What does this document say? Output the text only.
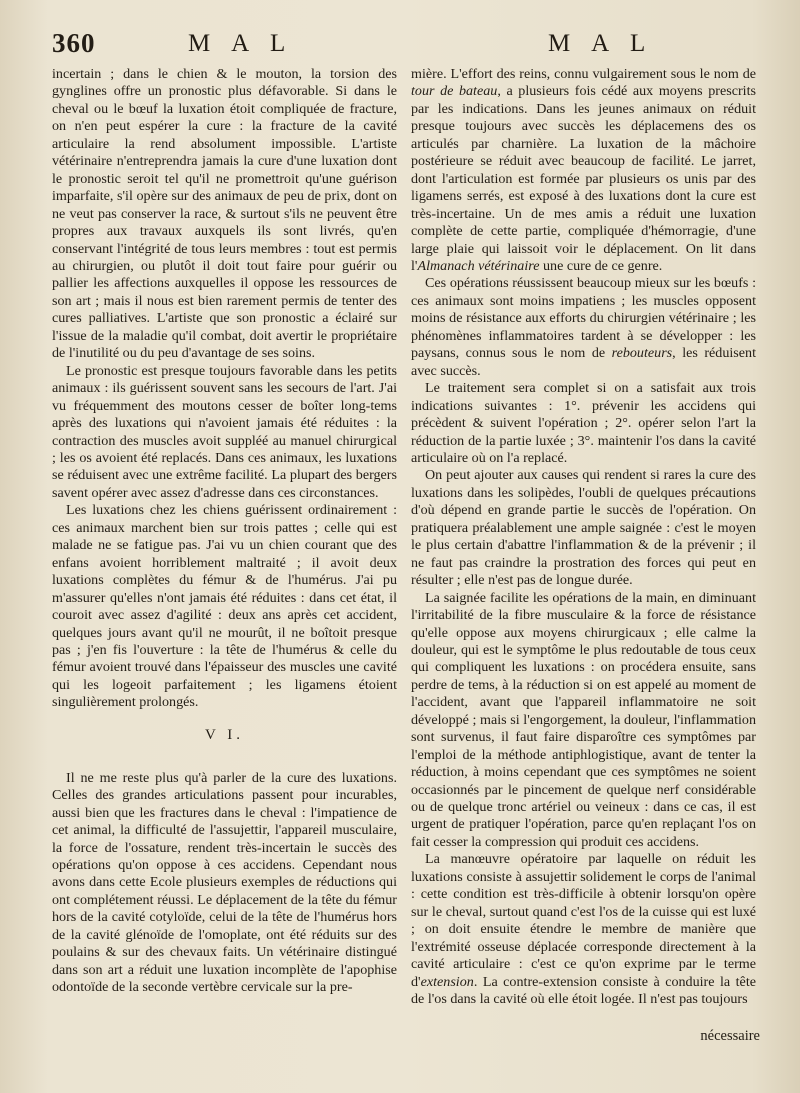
360	M A L	M A L

incertain ; dans le chien & le mouton, la torsion des gynglines offre un pronostic plus défavorable. Si dans le cheval ou le bœuf la luxation étoit compliquée de fracture, on n'en peut espérer la cure : la fracture de la cavité articulaire la rend absolument impossible. L'artiste vétérinaire n'entreprendra jamais la cure d'une luxation dont le pronostic seroit tel qu'il ne promettroit qu'une guérison imparfaite, s'il opère sur des animaux de peu de prix, dont on ne veut pas conserver la race, & surtout s'ils ne peuvent être propres aux travaux auxquels ils sont livrés, qu'en conservant l'intégrité de tous leurs membres : tout est permis au chirurgien, ou plutôt il doit tout faire pour guérir ou pallier les affections auxquelles il oppose les ressources de son art ; mais il nous est bien rarement permis de tenter des cures palliatives. L'artiste que son pronostic a éclairé sur l'issue de la maladie qu'il combat, doit avertir le propriétaire de l'inutilité ou du peu d'avantage de ses soins.

Le pronostic est presque toujours favorable dans les petits animaux : ils guérissent souvent sans les secours de l'art. J'ai vu fréquemment des moutons cesser de boîter long-tems après des luxations qui n'avoient jamais été réduites : la contraction des muscles avoit suppléé au manuel chirurgical ; les os avoient été replacés. Dans ces animaux, les luxations se réduisent avec une extrême facilité. La plupart des bergers savent opérer avec assez d'adresse dans ces circonstances.

Les luxations chez les chiens guérissent ordinairement : ces animaux marchent bien sur trois pattes ; celle qui est malade ne se fatigue pas. J'ai vu un chien courant que des enfans avoient horriblement maltraité ; il avoit deux luxations complètes du fémur & de l'humérus. J'ai pu m'assurer qu'elles n'ont jamais été réduites : dans cet état, il couroit avec assez d'agilité : deux ans après cet accident, quelques jours avant qu'il ne mourût, il ne boîtoit presque pas ; j'en fis l'ouverture : la tête de l'humérus & celle du fémur avoient trouvé dans l'épaisseur des muscles une cavité qui les logeoit parfaitement ; les ligamens étoient singulièrement prolongés.

V I.

Il ne me reste plus qu'à parler de la cure des luxations. Celles des grandes articulations passent pour incurables, aussi bien que les fractures dans le cheval : l'impatience de cet animal, la difficulté de l'assujettir, l'appareil musculaire, la force de l'ossature, rendent très-incertain le succès des opérations qu'on oppose à ces accidens. Cependant nous avons dans cette Ecole plusieurs exemples de réductions qui ont complétement réussi. Le déplacement de la tête du fémur hors de la cavité cotyloïde, celui de la tête de l'humérus hors de la cavité glénoïde de l'omoplate, ont été réduits sur des poulains & sur des chevaux faits. Un vétérinaire distingué dans son art a réduit une luxation incomplète de l'apophise odontoïde de la seconde vertèbre cervicale sur la pre-

mière. L'effort des reins, connu vulgairement sous le nom de tour de bateau, a plusieurs fois cédé aux moyens prescrits par les indications. Dans les jeunes animaux on réduit presque toujours avec succès les déplacemens des os articulés par charnière. La luxation de la mâchoire postérieure se réduit avec beaucoup de facilité. Le jarret, dont l'articulation est formée par plusieurs os unis par des ligamens serrés, est exposé à des luxations dont la cure est très-incertaine. Un de mes amis a réduit une luxation complète de cette partie, compliquée d'hémorragie, d'une large plaie qui laissoit voir le déplacement. On lit dans l'Almanach vétérinaire une cure de ce genre.

Ces opérations réussissent beaucoup mieux sur les bœufs : ces animaux sont moins impatiens ; les muscles opposent moins de résistance aux efforts du chirurgien vétérinaire ; les phénomènes inflammatoires tardent à se développer : les paysans, connus sous le nom de rebouteurs, les réduisent avec succès.

Le traitement sera complet si on a satisfait aux trois indications suivantes : 1°. prévenir les accidens qui précèdent & suivent l'opération ; 2°. opérer selon l'art la réduction de la partie luxée ; 3°. maintenir l'os dans la cavité articulaire où on l'a replacé.

On peut ajouter aux causes qui rendent si rares la cure des luxations dans les solipèdes, l'oubli de quelques précautions d'où dépend en grande partie le succès de l'opération. On pratiquera préalablement une ample saignée : c'est le moyen le plus certain d'abattre l'inflammation & de la prévenir ; il ne faut pas craindre la prostration des forces qui peut en résulter ; elle n'est pas de longue durée.

La saignée facilite les opérations de la main, en diminuant l'irritabilité de la fibre musculaire & la force de résistance qu'elle oppose aux moyens chirurgicaux ; elle calme la douleur, qui est le symptôme le plus redoutable de tous ceux qui compliquent les luxations : on procédera ensuite, sans perdre de tems, à la réduction si on est appelé au moment de l'accident, avant que l'appareil inflammatoire ne soit développé ; mais si l'engorgement, la douleur, l'inflammation sont survenus, il faut faire disparoître ces symptômes par l'emploi de la méthode antiphlogistique, avant de tenter la réduction, à moins cependant que ces symptômes ne soient occasionnés par le pincement de quelque nerf considérable ou de quelque tronc artériel ou veineux : dans ce cas, il est urgent de pratiquer l'opération, parce qu'en replaçant l'os on fait cesser la compression qui produit ces accidens.

La manœuvre opératoire par laquelle on réduit les luxations consiste à assujettir solidement le corps de l'animal : cette condition est très-difficile à obtenir lorsqu'on opère sur le cheval, surtout quand c'est l'os de la cuisse qui est luxé ; on doit ensuite étendre le membre de manière que l'extrémité osseuse déplacée corresponde directement à la cavité articulaire : c'est ce qu'on exprime par le terme d'extension. La contre-extension consiste à conduire la tête de l'os dans la cavité où elle étoit logée. Il n'est pas toujours

nécessaire
